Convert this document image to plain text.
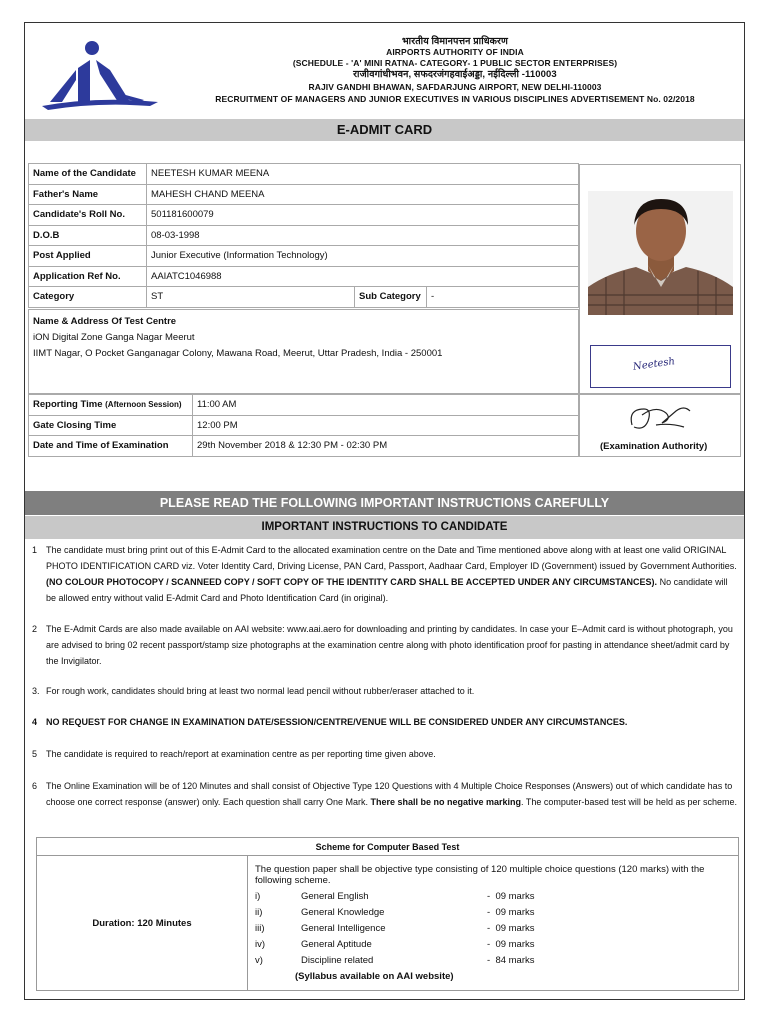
भारतीय विमानपत्तन प्राधिकरण
AIRPORTS AUTHORITY OF INDIA
(SCHEDULE - 'A' MINI RATNA- CATEGORY- 1 PUBLIC SECTOR ENTERPRISES)
राजीवगांधीभवन, सफदरजंगहवाईअड्डा, नईदिल्ली -110003
RAJIV GANDHI BHAWAN, SAFDARJUNG AIRPORT, NEW DELHI-110003
RECRUITMENT OF MANAGERS AND JUNIOR EXECUTIVES IN VARIOUS DISCIPLINES ADVERTISEMENT No. 02/2018
E-ADMIT CARD
Name of the Candidate	NEETESH KUMAR MEENA		
Father's Name	MAHESH CHAND MEENA		
Candidate's Roll No.	501181600079		
D.O.B	08-03-1998		
Post Applied	Junior Executive (Information Technology)		
Application Ref No.	AAIATC1046988		
Category	ST	Sub Category	-
Name & Address Of Test Centre
iON Digital Zone Ganga Nagar Meerut
IIMT Nagar, O Pocket Ganganagar Colony, Mawana Road, Meerut, Uttar Pradesh, India - 250001
Reporting Time (Afternoon Session)	11:00 AM
Gate Closing Time	12:00 PM
Date and Time of Examination	29th November 2018 & 12:30 PM - 02:30 PM
Neetesh
(Examination Authority)
PLEASE READ THE FOLLOWING IMPORTANT INSTRUCTIONS CAREFULLY
IMPORTANT INSTRUCTIONS TO CANDIDATE
1 The candidate must bring print out of this E-Admit Card to the allocated examination centre on the Date and Time mentioned above along with at least one valid ORIGINAL PHOTO IDENTIFICATION CARD viz. Voter Identity Card, Driving License, PAN Card, Passport, Aadhaar Card, Employer ID (Government) issued by Government Authorities. (NO COLOUR PHOTOCOPY / SCANNEED COPY / SOFT COPY OF THE IDENTITY CARD SHALL BE ACCEPTED UNDER ANY CIRCUMSTANCES). No candidate will be allowed entry without valid E-Admit Card and Photo Identification Card (in original).
2 The E-Admit Cards are also made available on AAI website: www.aai.aero for downloading and printing by candidates. In case your E–Admit card is without photograph, you are advised to bring 02 recent passport/stamp size photographs at the examination centre along with photo identification proof for pasting in attendance sheet/admit card by the Invigilator.
3. For rough work, candidates should bring at least two normal lead pencil without rubber/eraser attached to it.
4 NO REQUEST FOR CHANGE IN EXAMINATION DATE/SESSION/CENTRE/VENUE WILL BE CONSIDERED UNDER ANY CIRCUMSTANCES.
5 The candidate is required to reach/report at examination centre as per reporting time given above.
6 The Online Examination will be of 120 Minutes and shall consist of Objective Type 120 Questions with 4 Multiple Choice Responses (Answers) out of which candidate has to choose one correct response (answer) only. Each question shall carry One Mark. There shall be no negative marking. The computer-based test will be held as per scheme.
Scheme for Computer Based Test
Duration: 120 Minutes
The question paper shall be objective type consisting of 120 multiple choice questions (120 marks) with the following scheme.
i)	General English	-  09 marks
ii)	General Knowledge	-  09 marks
iii)	General Intelligence	-  09 marks
iv)	General Aptitude	-  09 marks
v)	Discipline related	-  84 marks
(Syllabus available on AAI website)
